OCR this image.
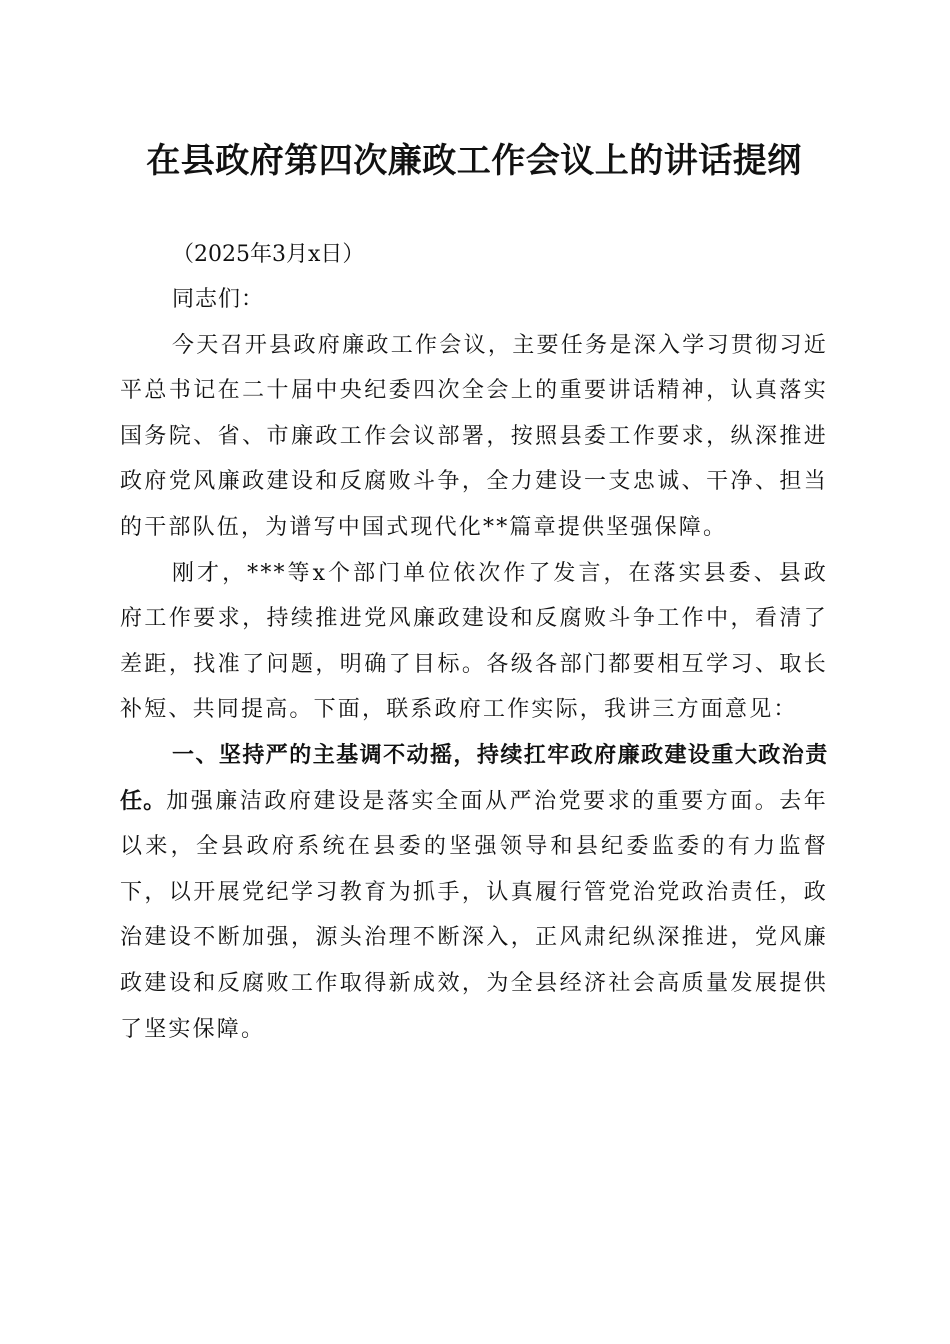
在县政府第四次廉政工作会议上的讲话提纲
（2025年3月x日）

同志们：

今天召开县政府廉政工作会议，主要任务是深入学习贯彻习近平总书记在二十届中央纪委四次全会上的重要讲话精神，认真落实国务院、省、市廉政工作会议部署，按照县委工作要求，纵深推进政府党风廉政建设和反腐败斗争，全力建设一支忠诚、干净、担当的干部队伍，为谱写中国式现代化**篇章提供坚强保障。

刚才，***等x个部门单位依次作了发言，在落实县委、县政府工作要求，持续推进党风廉政建设和反腐败斗争工作中，看清了差距，找准了问题，明确了目标。各级各部门都要相互学习、取长补短、共同提高。下面，联系政府工作实际，我讲三方面意见：

一、坚持严的主基调不动摇，持续扛牢政府廉政建设重大政治责任。加强廉洁政府建设是落实全面从严治党要求的重要方面。去年以来，全县政府系统在县委的坚强领导和县纪委监委的有力监督下，以开展党纪学习教育为抓手，认真履行管党治党政治责任，政治建设不断加强，源头治理不断深入，正风肃纪纵深推进，党风廉政建设和反腐败工作取得新成效，为全县经济社会高质量发展提供了坚实保障。
